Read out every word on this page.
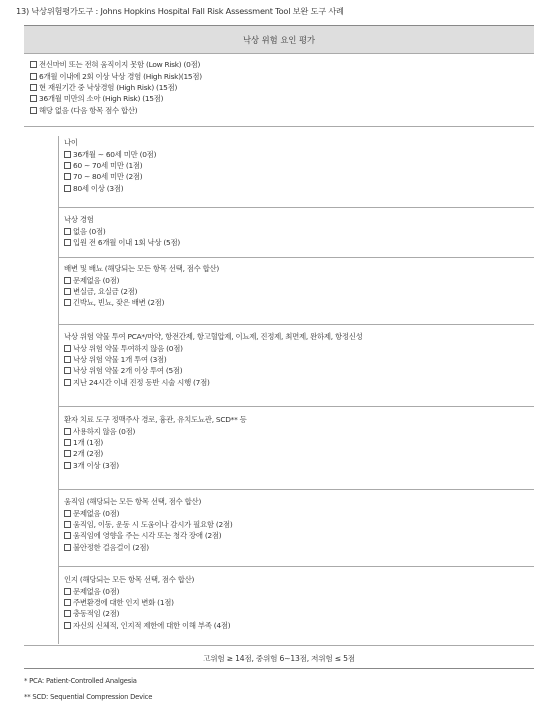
13) 낙상위험평가도구 : Johns Hopkins Hospital Fall Risk Assessment Tool 보완 도구 사례
낙상 위험 요인 평가
전신마비 또는 전혀 움직이지 못함 (Low Risk) (0점)
6개월 이내에 2회 이상 낙상 경험 (High Risk)(15점)
현 재원기간 중 낙상경험 (High Risk) (15점)
36개월 미만의 소아 (High Risk) (15점)
해당 없음 (다음 항목 점수 합산)
나이
36개월 ∼ 60세 미만 (0점)
60 ∼ 70세 미만 (1점)
70 ∼ 80세 미만 (2점)
80세 이상 (3점)
낙상 경험
없음 (0점)
입원 전 6개월 이내 1회 낙상 (5점)
배변 및 배뇨 (해당되는 모든 항목 선택, 점수 합산)
문제없음 (0점)
변실금, 요실금 (2점)
긴박뇨, 빈뇨, 잦은 배변 (2점)
낙상 위험 약물 투여 PCA*/마약, 항전간제, 항고혈압제, 이뇨제, 진정제, 최면제, 완하제, 항정신성
낙상 위험 약물 투여하지 않음 (0점)
낙상 위험 약물 1개 투여 (3점)
낙상 위험 약물 2개 이상 투여 (5점)
지난 24시간 이내 진정 동반 시술 시행 (7점)
환자 치료 도구 정맥주사 경로, 흉관, 유치도뇨관, SCD** 등
사용하지 않음 (0점)
1개 (1점)
2개 (2점)
3개 이상 (3점)
움직임 (해당되는 모든 항목 선택, 점수 합산)
문제없음 (0점)
움직임, 이동, 운동 시 도움이나 감시가 필요함 (2점)
움직임에 영향을 주는 시각 또는 청각 장애 (2점)
불안정한 걸음걸이 (2점)
인지 (해당되는 모든 항목 선택, 점수 합산)
문제없음 (0점)
주변환경에 대한 인지 변화 (1점)
충동적임 (2점)
자신의 신체적, 인지적 제한에 대한 이해 부족 (4점)
고위험 ≥ 14점, 중위험 6∼13점, 저위험 ≤ 5점
* PCA: Patient-Controlled Analgesia
** SCD: Sequential Compression Device
